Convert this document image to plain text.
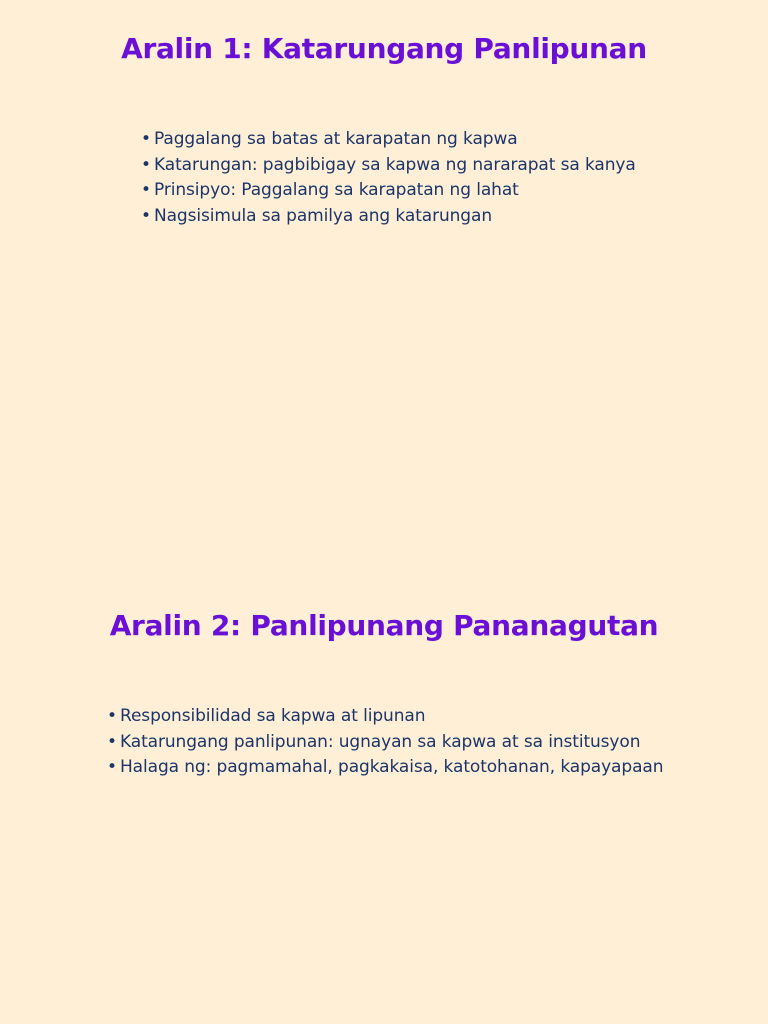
Aralin 1: Katarungang Panlipunan
• Paggalang sa batas at karapatan ng kapwa
• Katarungan: pagbibigay sa kapwa ng nararapat sa kanya
• Prinsipyo: Paggalang sa karapatan ng lahat
• Nagsisimula sa pamilya ang katarungan
Aralin 2: Panlipunang Pananagutan
• Responsibilidad sa kapwa at lipunan
• Katarungang panlipunan: ugnayan sa kapwa at sa institusyon
• Halaga ng: pagmamahal, pagkakaisa, katotohanan, kapayapaan
